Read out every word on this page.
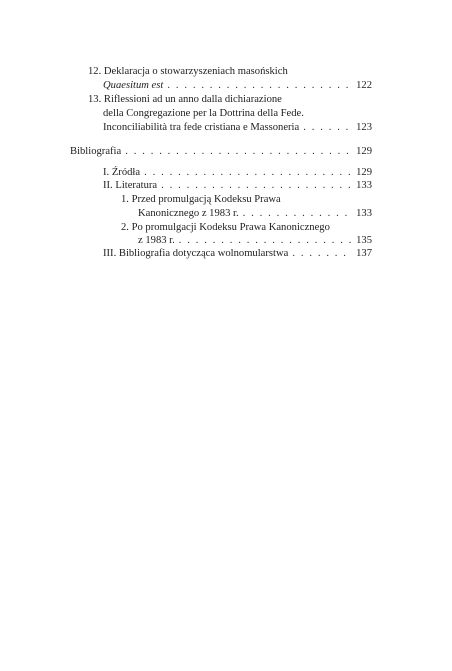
12. Deklaracja o stowarzyszeniach masońskich
Quaesitum est . . .	122
13. Riflessioni ad un anno dalla dichiarazione
della Congregazione per la Dottrina della Fede.
Inconciliabilità tra fede cristiana e Massoneria . . .	123
Bibliografia . . .	129
I. Źródła . . .	129
II. Literatura . . .	133
1. Przed promulgacją Kodeksu Prawa
Kanonicznego z 1983 r. . . .	133
2. Po promulgacji Kodeksu Prawa Kanonicznego
z 1983 r. . . .	135
III. Bibliografia dotycząca wolnomularstwa . . .	137
